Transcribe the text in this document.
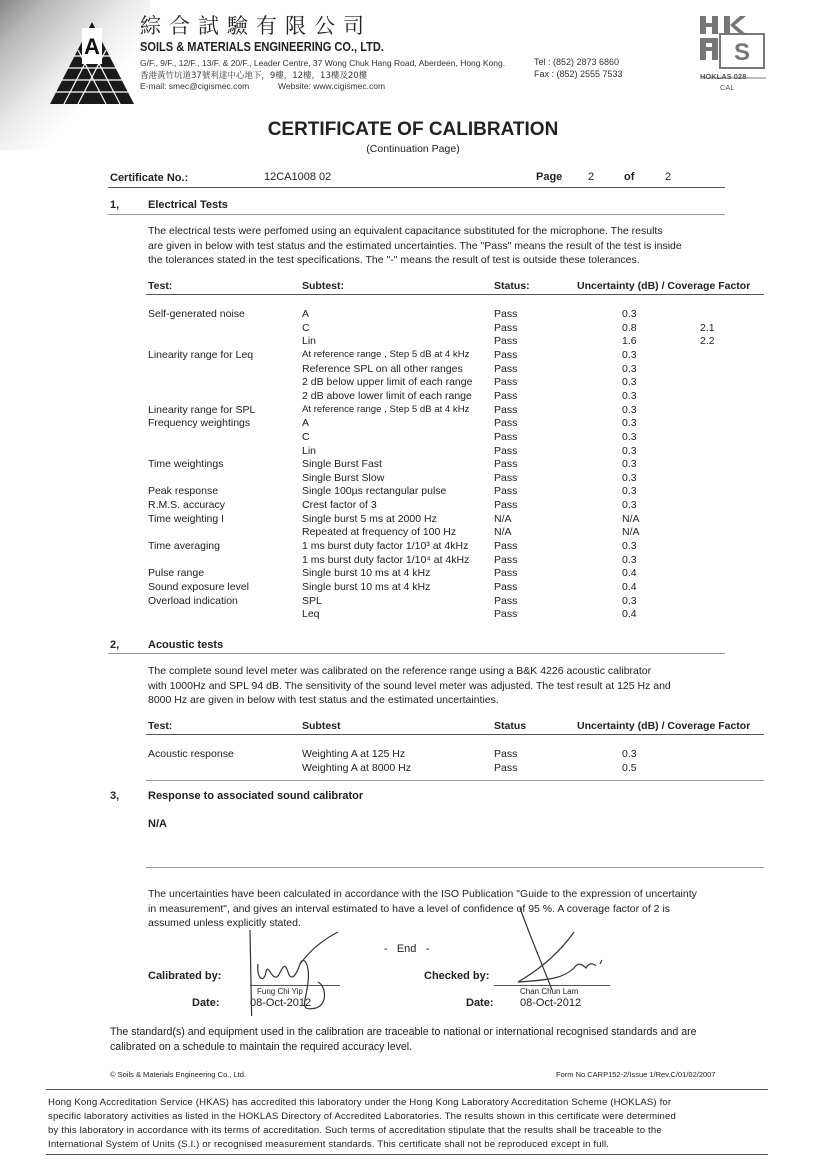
A
綜合試驗有限公司
SOILS & MATERIALS ENGINEERING CO., LTD.
G/F., 9/F., 12/F., 13/F. & 20/F., Leader Centre, 37 Wong Chuk Hang Road, Aberdeen, Hong Kong.
香港黃竹坑道37號利達中心地下，9樓，12樓，13樓及20樓
E-mail: smec@cigismec.com	Website: www.cigismec.com
Tel : (852) 2873 6860
Fax : (852) 2555 7533
S
HOKLAS 028
CAL
CERTIFICATE OF CALIBRATION
(Continuation Page)
Certificate No.:	12CA1008 02	Page 2	of	2
1,	Electrical Tests
The electrical tests were perfomed using an equivalent capacitance substituted for the microphone. The results
are given in below with test status and the estimated uncertainties. The "Pass" means the result of the test is inside
the tolerances stated in the test specifications. The "-" means the result of test is outside these tolerances.
Test:	Subtest:	Status:	Uncertainty (dB) / Coverage Factor
Self-generated noise	A	Pass	0.3
C	Pass	0.8	2.1
Lin	Pass	1.6	2.2
Linearity range for Leq	At reference range , Step 5 dB at 4 kHz Pass	0.3
Reference SPL on all other ranges	Pass	0.3
2 dB below upper limit of each range Pass	0.3
2 dB above lower limit of each range Pass	0.3
Linearity range for SPL	At reference range , Step 5 dB at 4 kHz Pass	0.3
Frequency weightings	A	Pass	0.3
C	Pass	0.3
Lin	Pass	0.3
Time weightings	Single Burst Fast	Pass	0.3
Single Burst Slow	Pass	0.3
Peak response	Single 100µs rectangular pulse	Pass	0.3
R.M.S. accuracy	Crest factor of 3	Pass	0.3
Time weighting I	Single burst 5 ms at 2000 Hz	N/A	N/A
Repeated at frequency of 100 Hz	N/A	N/A
Time averaging	1 ms burst duty factor 1/10³ at 4kHz Pass	0.3
1 ms burst duty factor 1/10⁴ at 4kHz Pass	0.3
Pulse range	Single burst 10 ms at 4 kHz	Pass	0.4
Sound exposure level	Single burst 10 ms at 4 kHz	Pass	0.4
Overload indication	SPL	Pass	0.3
Leq	Pass	0.4
2,	Acoustic tests
The complete sound level meter was calibrated on the reference range using a B&K 4226 acoustic calibrator
with 1000Hz and SPL 94 dB. The sensitivity of the sound level meter was adjusted. The test result at 125 Hz and
8000 Hz are given in below with test status and the estimated uncertainties.
Test:	Subtest	Status	Uncertainty (dB) / Coverage Factor
Acoustic response	Weighting A at 125 Hz	Pass	0.3
Weighting A at 8000 Hz	Pass	0.5
3,	Response to associated sound calibrator
N/A
The uncertainties have been calculated in accordance with the ISO Publication "Guide to the expression of uncertainty
in measurement", and gives an interval estimated to have a level of confidence of 95 %. A coverage factor of 2 is
assumed unless explicitly stated.
-   End   -
Calibrated by:
Fung Chi Yip
Date:	08-Oct-2012
Checked by:
Chan Chun Lam
Date: 08-Oct-2012
The standard(s) and equipment used in the calibration are traceable to national or international recognised standards and are
calibrated on a schedule to maintain the required accuracy level.
© Soils & Materials Engineering Co., Ltd.	Form No.CARP152-2/Issue 1/Rev.C/01/02/2007
Hong Kong Accreditation Service (HKAS) has accredited this laboratory under the Hong Kong Laboratory Accreditation Scheme (HOKLAS) for
specific laboratory activities as listed in the HOKLAS Directory of Accredited Laboratories. The results shown in this certificate were determined
by this laboratory in accordance with its terms of accreditation. Such terms of accreditation stipulate that the results shall be traceable to the
International System of Units (S.I.) or recognised measurement standards. This certificate shall not be reproduced except in full.
